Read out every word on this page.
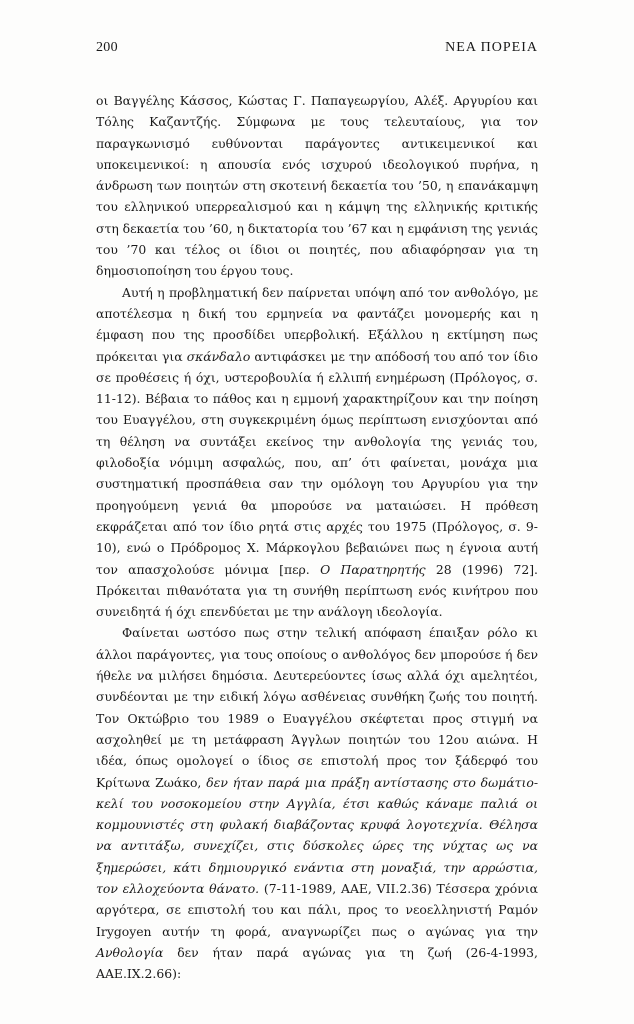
200	ΝΕΑ ΠΟΡΕΙΑ

οι Βαγγέλης Κάσσος, Κώστας Γ. Παπαγεωργίου, Αλέξ. Αργυρίου και Τόλης Καζαντζής. Σύμφωνα με τους τελευταίους, για τον παραγκωνισμό ευθύνονται παράγοντες αντικειμενικοί και υποκειμενικοί: η απουσία ενός ισχυρού ιδεολογικού πυρήνα, η άνδρωση των ποιητών στη σκοτεινή δεκαετία του ’50, η επανάκαμψη του ελληνικού υπερρεαλισμού και η κάμψη της ελληνικής κριτικής στη δεκαετία του ’60, η δικτατορία του ’67 και η εμφάνιση της γενιάς του ’70 και τέλος οι ίδιοι οι ποιητές, που αδιαφόρησαν για τη δημοσιοποίηση του έργου τους.

Αυτή η προβληματική δεν παίρνεται υπόψη από τον ανθολόγο, με αποτέλεσμα η δική του ερμηνεία να φαντάζει μονομερής και η έμφαση που της προσδίδει υπερβολική. Εξάλλου η εκτίμηση πως πρόκειται για σκάνδαλο αντιφάσκει με την απόδοσή του από τον ίδιο σε προθέσεις ή όχι, υστεροβουλία ή ελλιπή ενημέρωση (Πρόλογος, σ. 11-12). Βέβαια το πάθος και η εμμονή χαρακτηρίζουν και την ποίηση του Ευαγγέλου, στη συγκεκριμένη όμως περίπτωση ενισχύονται από τη θέληση να συντάξει εκείνος την ανθολογία της γενιάς του, φιλοδοξία νόμιμη ασφαλώς, που, απ’ ότι φαίνεται, μονάχα μια συστηματική προσπάθεια σαν την ομόλογη του Αργυρίου για την προηγούμενη γενιά θα μπορούσε να ματαιώσει. Η πρόθεση εκφράζεται από τον ίδιο ρητά στις αρχές του 1975 (Πρόλογος, σ. 9-10), ενώ ο Πρόδρομος Χ. Μάρκογλου βεβαιώνει πως η έγνοια αυτή τον απασχολούσε μόνιμα [περ. Ο Παρατηρητής 28 (1996) 72]. Πρόκειται πιθανότατα για τη συνήθη περίπτωση ενός κινήτρου που συνειδητά ή όχι επενδύεται με την ανάλογη ιδεολογία.

Φαίνεται ωστόσο πως στην τελική απόφαση έπαιξαν ρόλο κι άλλοι παράγοντες, για τους οποίους ο ανθολόγος δεν μπορούσε ή δεν ήθελε να μιλήσει δημόσια. Δευτερεύοντες ίσως αλλά όχι αμελητέοι, συνδέονται με την ειδική λόγω ασθένειας συνθήκη ζωής του ποιητή. Τον Οκτώβριο του 1989 ο Ευαγγέλου σκέφτεται προς στιγμή να ασχοληθεί με τη μετάφραση Άγγλων ποιητών του 12ου αιώνα. Η ιδέα, όπως ομολογεί ο ίδιος σε επιστολή προς τον ξάδερφό του Κρίτωνα Ζωάκο, δεν ήταν παρά μια πράξη αντίστασης στο δωμάτιο-κελί του νοσοκομείου στην Αγγλία, έτσι καθώς κάναμε παλιά οι κομμουνιστές στη φυλακή διαβάζοντας κρυφά λογοτεχνία. Θέλησα να αντιτάξω, συνεχίζει, στις δύσκολες ώρες της νύχτας ως να ξημερώσει, κάτι δημιουργικό ενάντια στη μοναξιά, την αρρώστια, τον ελλοχεύοντα θάνατο. (7-11-1989, ΑΑΕ, VII.2.36) Τέσσερα χρόνια αργότερα, σε επιστολή του και πάλι, προς το νεοελληνιστή Ραμόν Irygoyen αυτήν τη φορά, αναγνωρίζει πως ο αγώνας για την Ανθολογία δεν ήταν παρά αγώνας για τη ζωή (26-4-1993, ΑΑΕ.IX.2.66):
